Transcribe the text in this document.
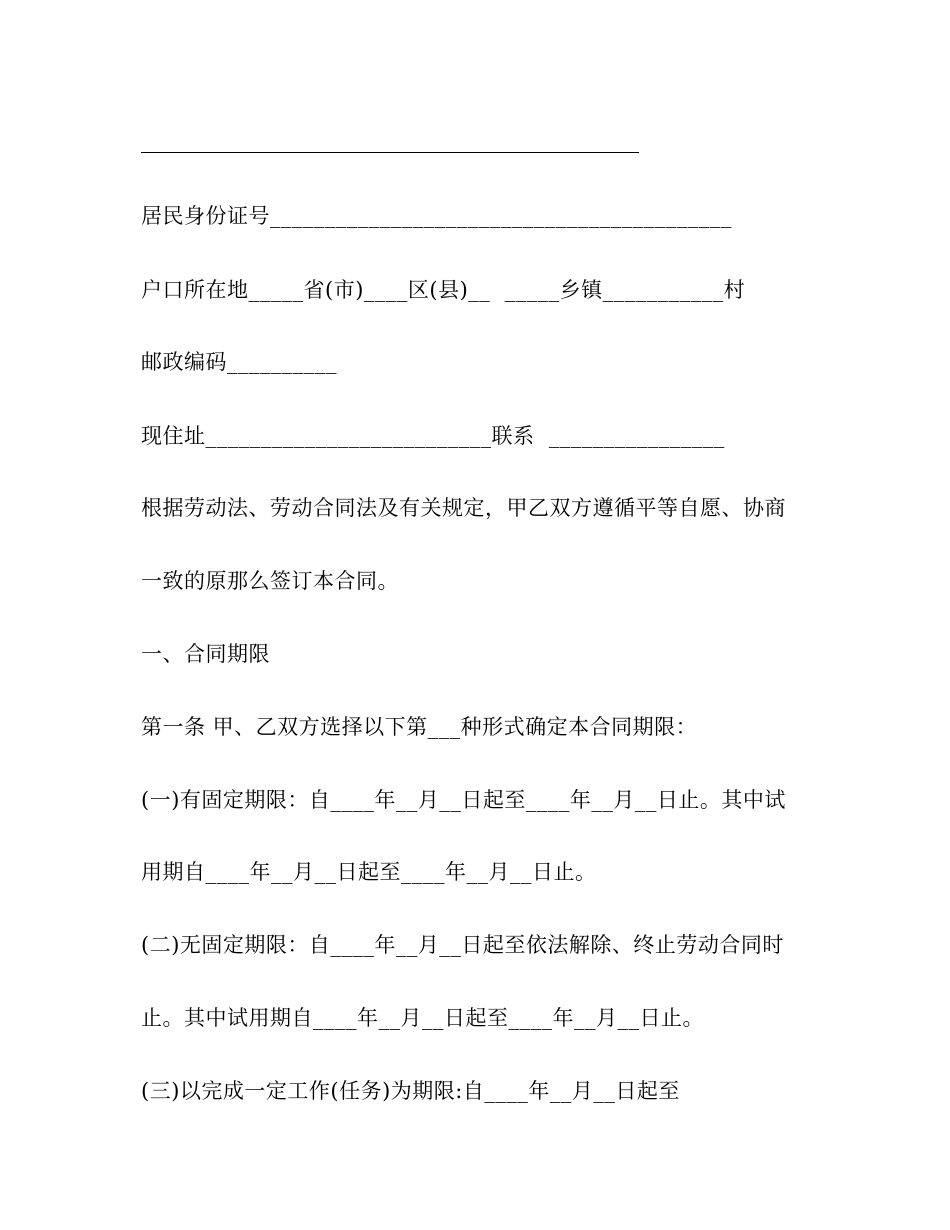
居民身份证号__________________________________________
户口所在地_____省(市)____区(县)__  _____乡镇___________村
邮政编码__________
现住址__________________________联系  ________________
根据劳动法、劳动合同法及有关规定，甲乙双方遵循平等自愿、协商
一致的原那么签订本合同。
一、合同期限
第一条 甲、乙双方选择以下第___种形式确定本合同期限：
(一)有固定期限：自____年__月__日起至____年__月__日止。其中试
用期自____年__月__日起至____年__月__日止。
(二)无固定期限：自____年__月__日起至依法解除、终止劳动合同时
止。其中试用期自____年__月__日起至____年__月__日止。
(三)以完成一定工作(任务)为期限:自____年__月__日起至
